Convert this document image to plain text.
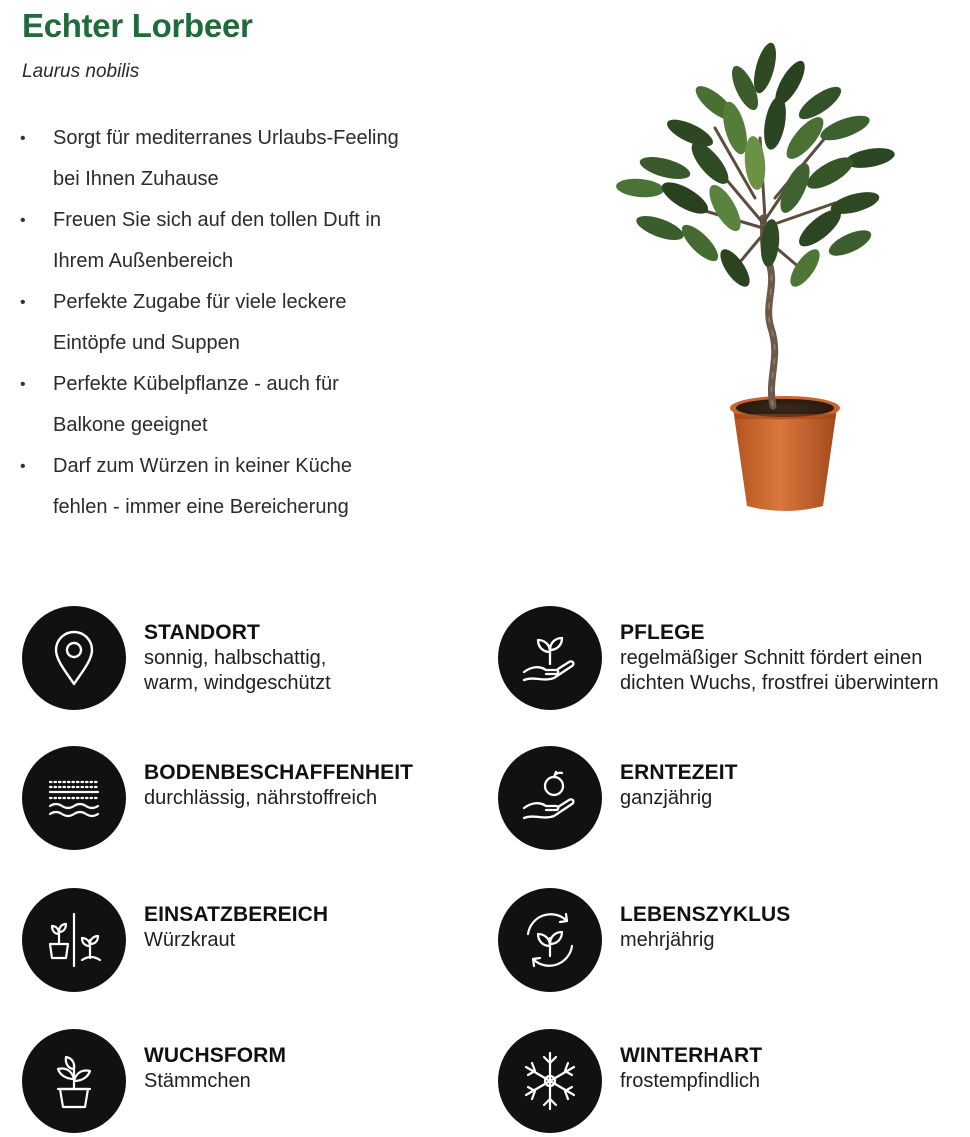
Echter Lorbeer
Laurus nobilis
• Sorgt für mediterranes Urlaubs-Feeling
bei Ihnen Zuhause
• Freuen Sie sich auf den tollen Duft in
Ihrem Außenbereich
• Perfekte Zugabe für viele leckere
Eintöpfe und Suppen
• Perfekte Kübelpflanze - auch für
Balkone geeignet
• Darf zum Würzen in keiner Küche
fehlen - immer eine Bereicherung
STANDORT
sonnig, halbschattig,
warm, windgeschützt
PFLEGE
regelmäßiger Schnitt fördert einen
dichten Wuchs, frostfrei überwintern
BODENBESCHAFFENHEIT
durchlässig, nährstoffreich
ERNTEZEIT
ganzjährig
EINSATZBEREICH
Würzkraut
LEBENSZYKLUS
mehrjährig
WUCHSFORM
Stämmchen
WINTERHART
frostempfindlich
